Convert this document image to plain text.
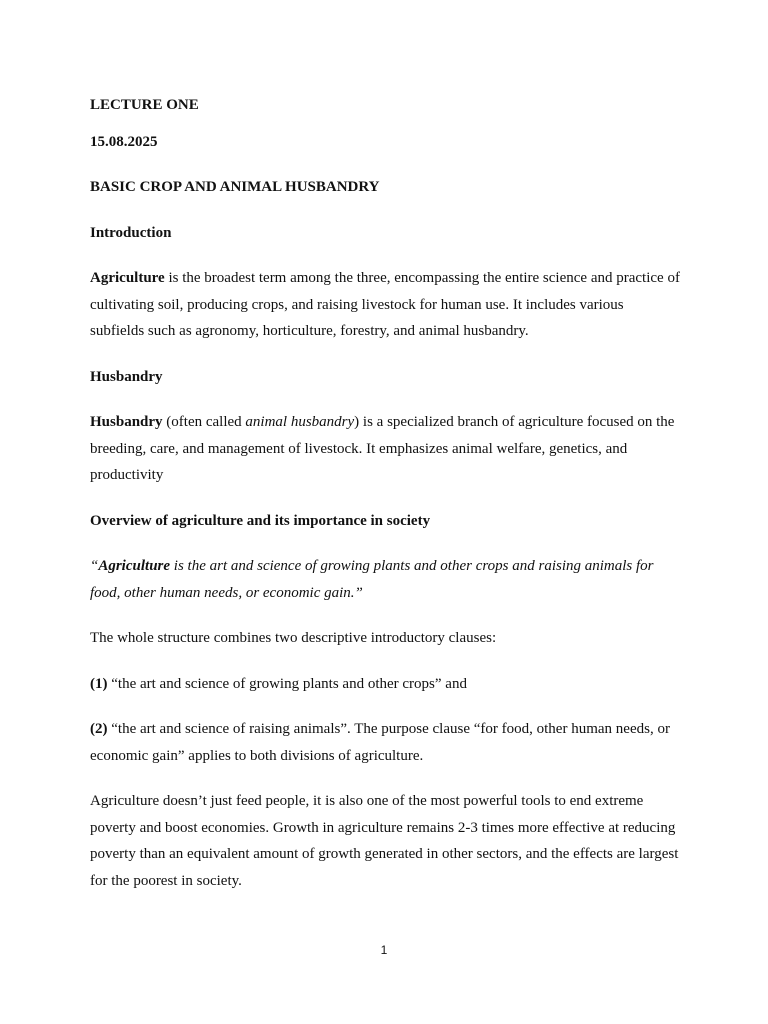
LECTURE ONE

15.08.2025

BASIC CROP AND ANIMAL HUSBANDRY

Introduction

Agriculture is the broadest term among the three, encompassing the entire science and practice of cultivating soil, producing crops, and raising livestock for human use. It includes various subfields such as agronomy, horticulture, forestry, and animal husbandry.

Husbandry

Husbandry (often called animal husbandry) is a specialized branch of agriculture focused on the breeding, care, and management of livestock. It emphasizes animal welfare, genetics, and productivity

Overview of agriculture and its importance in society

“Agriculture is the art and science of growing plants and other crops and raising animals for food, other human needs, or economic gain.”

The whole structure combines two descriptive introductory clauses:

(1) “the art and science of growing plants and other crops” and

(2) “the art and science of raising animals”. The purpose clause “for food, other human needs, or economic gain” applies to both divisions of agriculture.

Agriculture doesn’t just feed people, it is also one of the most powerful tools to end extreme poverty and boost economies. Growth in agriculture remains 2-3 times more effective at reducing poverty than an equivalent amount of growth generated in other sectors, and the effects are largest for the poorest in society.

1
